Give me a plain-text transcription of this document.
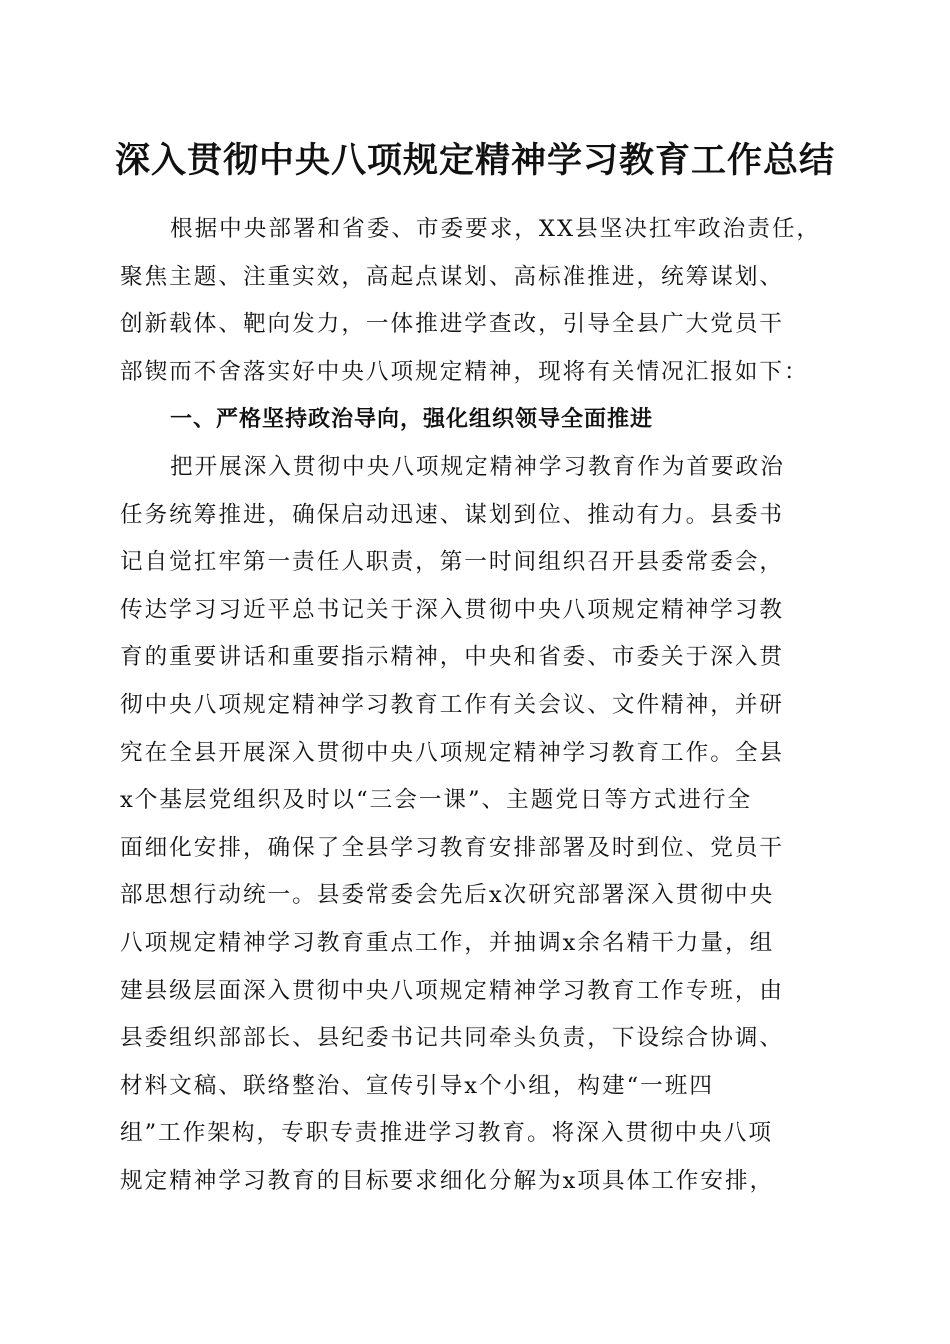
深入贯彻中央八项规定精神学习教育工作总结
根据中央部署和省委、市委要求，XX县坚决扛牢政治责任，
聚焦主题、注重实效，高起点谋划、高标准推进，统筹谋划、
创新载体、靶向发力，一体推进学查改，引导全县广大党员干
部锲而不舍落实好中央八项规定精神，现将有关情况汇报如下：
一、严格坚持政治导向，强化组织领导全面推进
把开展深入贯彻中央八项规定精神学习教育作为首要政治
任务统筹推进，确保启动迅速、谋划到位、推动有力。县委书
记自觉扛牢第一责任人职责，第一时间组织召开县委常委会，
传达学习习近平总书记关于深入贯彻中央八项规定精神学习教
育的重要讲话和重要指示精神，中央和省委、市委关于深入贯
彻中央八项规定精神学习教育工作有关会议、文件精神，并研
究在全县开展深入贯彻中央八项规定精神学习教育工作。全县
x个基层党组织及时以“三会一课”、主题党日等方式进行全
面细化安排，确保了全县学习教育安排部署及时到位、党员干
部思想行动统一。县委常委会先后x次研究部署深入贯彻中央
八项规定精神学习教育重点工作，并抽调x余名精干力量，组
建县级层面深入贯彻中央八项规定精神学习教育工作专班，由
县委组织部部长、县纪委书记共同牵头负责，下设综合协调、
材料文稿、联络整治、宣传引导x个小组，构建“一班四
组”工作架构，专职专责推进学习教育。将深入贯彻中央八项
规定精神学习教育的目标要求细化分解为x项具体工作安排，
